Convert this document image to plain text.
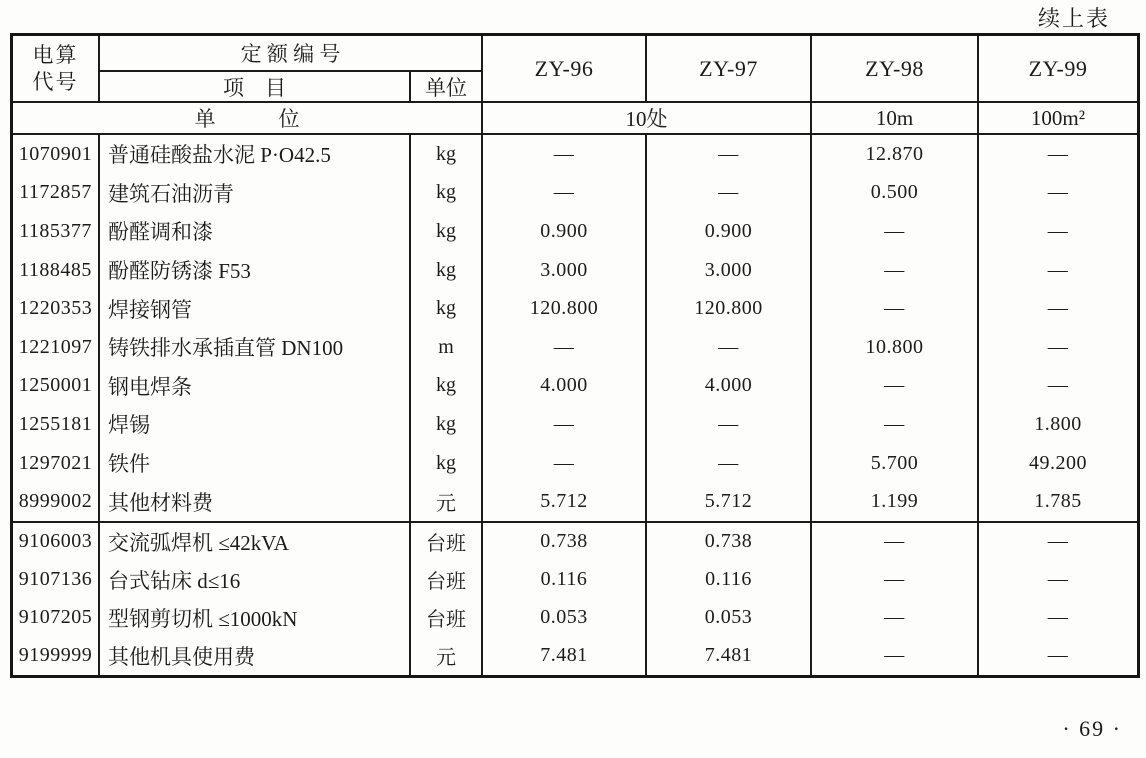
续上表
电算
代号
定 额 编 号
项　目	单位
ZY-96	ZY-97	ZY-98	ZY-99
单　　　位	10处	10m	100m²
1070901 普通硅酸盐水泥 P·O42.5	kg	—	—	12.870	—
1172857 建筑石油沥青	kg	—	—	0.500	—
1185377 酚醛调和漆	kg	0.900	0.900	—	—
1188485 酚醛防锈漆 F53	kg	3.000	3.000	—	—
1220353 焊接钢管	kg	120.800	120.800	—	—
1221097 铸铁排水承插直管 DN100	m	—	—	10.800	—
1250001 钢电焊条	kg	4.000	4.000	—	—
1255181 焊锡	kg	—	—	—	1.800
1297021 铁件	kg	—	—	5.700	49.200
8999002 其他材料费	元	5.712	5.712	1.199	1.785
9106003 交流弧焊机 ≤42kVA	台班	0.738	0.738	—	—
9107136 台式钻床 d≤16	台班	0.116	0.116	—	—
9107205 型钢剪切机 ≤1000kN	台班	0.053	0.053	—	—
9199999 其他机具使用费	元	7.481	7.481	—	—
· 69 ·
